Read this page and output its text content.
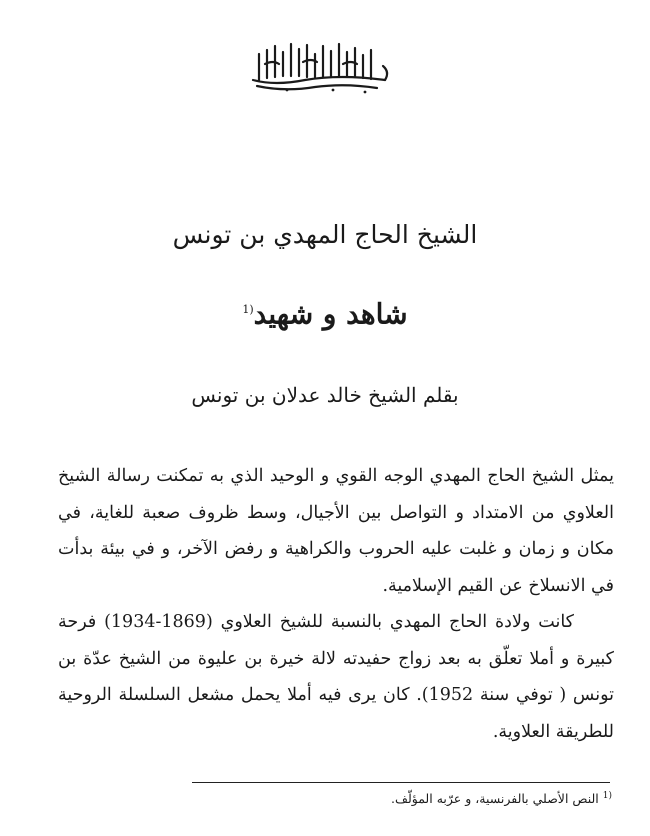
الشيخ الحاج المهدي بن تونس
شاهد و شهيد$^{(1}$
بقلم الشيخ خالد عدلان بن تونس

يمثل الشيخ الحاج المهدي الوجه القوي و الوحيد الذي به تمكنت رسالة الشيخ العلاوي من الامتداد و التواصل بين الأجيال، وسط ظروف صعبة للغاية، في مكان و زمان و غلبت عليه الحروب والكراهية و رفض الآخر، و في بيئة بدأت في الانسلاخ عن القيم الإسلامية.

كانت ولادة الحاج المهدي بالنسبة للشيخ العلاوي (1869-1934) فرحة كبيرة و أملا تعلّق به بعد زواج حفيدته لالة خيرة بن عليوة من الشيخ عدّة بن تونس ( توفي سنة 1952). كان يرى فيه أملا يحمل مشعل السلسلة الروحية للطريقة العلاوية.

$^{(1}$ النص الأصلي بالفرنسية، و عرّبه المؤلّف.
